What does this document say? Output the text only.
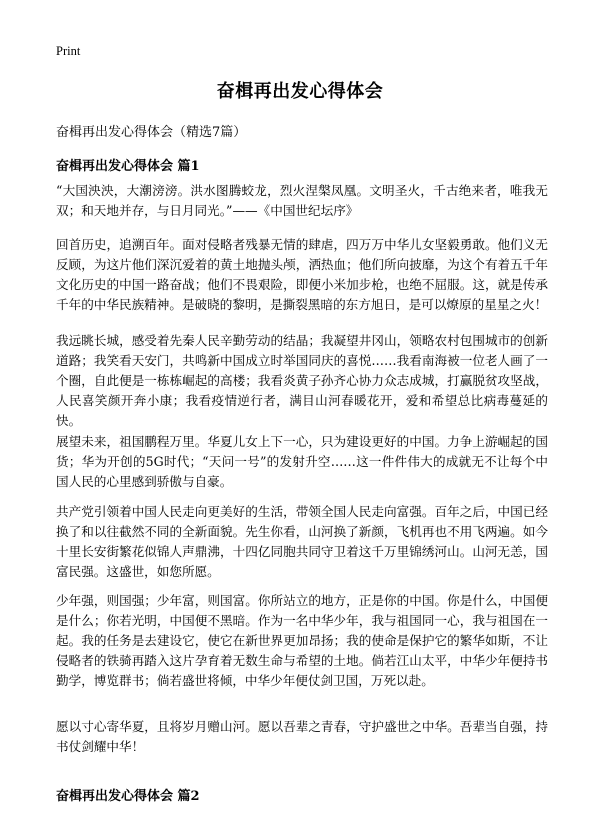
Print
奋楫再出发心得体会
奋楫再出发心得体会（精选7篇）
奋楫再出发心得体会 篇1

“大国泱泱，大潮滂滂。洪水图腾蛟龙，烈火涅槃凤凰。文明圣火，千古绝来者，唯我无双；和天地并存，与日月同光。”——《中国世纪坛序》

回首历史，追溯百年。面对侵略者残暴无情的肆虐，四万万中华儿女坚毅勇敢。他们义无反顾，为这片他们深沉爱着的黄土地抛头颅，洒热血；他们所向披靡，为这个有着五千年文化历史的中国一路奋战；他们不畏艰险，即便小米加步枪，也绝不屈服。这，就是传承千年的中华民族精神。是破晓的黎明，是撕裂黑暗的东方旭日，是可以燎原的星星之火！

我远眺长城，感受着先秦人民辛勤劳动的结晶；我凝望井冈山，领略农村包围城市的创新道路；我笑看天安门，共鸣新中国成立时举国同庆的喜悦……我看南海被一位老人画了一个圈，自此便是一栋栋崛起的高楼；我看炎黄子孙齐心协力众志成城，打赢脱贫攻坚战，人民喜笑颜开奔小康；我看疫情逆行者，满目山河春暖花开，爱和希望总比病毒蔓延的快。

展望未来，祖国鹏程万里。华夏儿女上下一心，只为建设更好的中国。力争上游崛起的国货；华为开创的5G时代；“天问一号”的发射升空……这一件件伟大的成就无不让每个中国人民的心里感到骄傲与自豪。

共产党引领着中国人民走向更美好的生活，带领全国人民走向富强。百年之后，中国已经换了和以往截然不同的全新面貌。先生你看，山河换了新颜，飞机再也不用飞两遍。如今十里长安街繁花似锦人声鼎沸，十四亿同胞共同守卫着这千万里锦绣河山。山河无恙，国富民强。这盛世，如您所愿。

少年强，则国强；少年富，则国富。你所站立的地方，正是你的中国。你是什么，中国便是什么；你若光明，中国便不黑暗。作为一名中华少年，我与祖国同一心，我与祖国在一起。我的任务是去建设它，使它在新世界更加昂扬；我的使命是保护它的繁华如斯，不让侵略者的铁骑再踏入这片孕育着无数生命与希望的土地。倘若江山太平，中华少年便持书勤学，博览群书；倘若盛世将倾，中华少年便仗剑卫国，万死以赴。

愿以寸心寄华夏，且将岁月赠山河。愿以吾辈之青春，守护盛世之中华。吾辈当自强，持书仗剑耀中华！

奋楫再出发心得体会 篇2
